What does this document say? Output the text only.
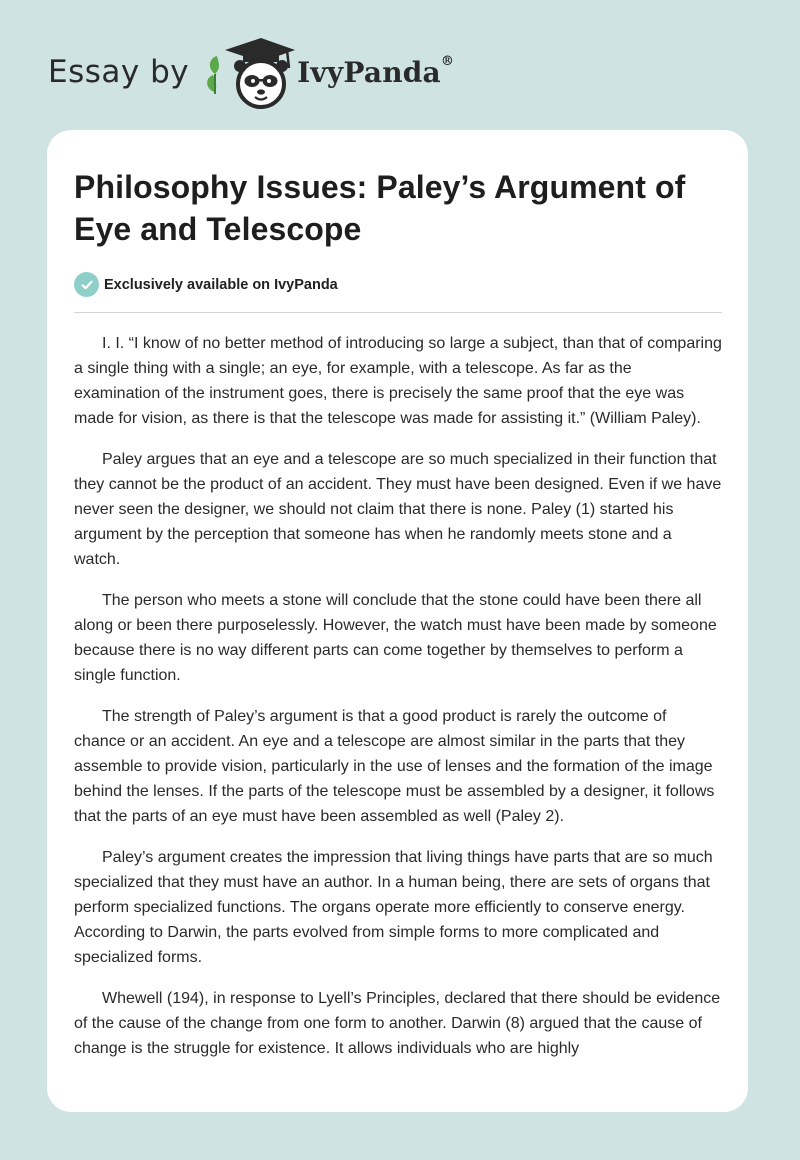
Essay by	IvyPanda®
Philosophy Issues: Paley’s Argument of Eye and Telescope
Exclusively available on IvyPanda

I. I. “I know of no better method of introducing so large a subject, than that of comparing a single thing with a single; an eye, for example, with a telescope. As far as the examination of the instrument goes, there is precisely the same proof that the eye was made for vision, as there is that the telescope was made for assisting it.” (William Paley).

Paley argues that an eye and a telescope are so much specialized in their function that they cannot be the product of an accident. They must have been designed. Even if we have never seen the designer, we should not claim that there is none. Paley (1) started his argument by the perception that someone has when he randomly meets stone and a watch.

The person who meets a stone will conclude that the stone could have been there all along or been there purposelessly. However, the watch must have been made by someone because there is no way different parts can come together by themselves to perform a single function.

The strength of Paley’s argument is that a good product is rarely the outcome of chance or an accident. An eye and a telescope are almost similar in the parts that they assemble to provide vision, particularly in the use of lenses and the formation of the image behind the lenses. If the parts of the telescope must be assembled by a designer, it follows that the parts of an eye must have been assembled as well (Paley 2).

Paley’s argument creates the impression that living things have parts that are so much specialized that they must have an author. In a human being, there are sets of organs that perform specialized functions. The organs operate more efficiently to conserve energy. According to Darwin, the parts evolved from simple forms to more complicated and specialized forms.

Whewell (194), in response to Lyell’s Principles, declared that there should be evidence of the cause of the change from one form to another. Darwin (8) argued that the cause of change is the struggle for existence. It allows individuals who are highly
